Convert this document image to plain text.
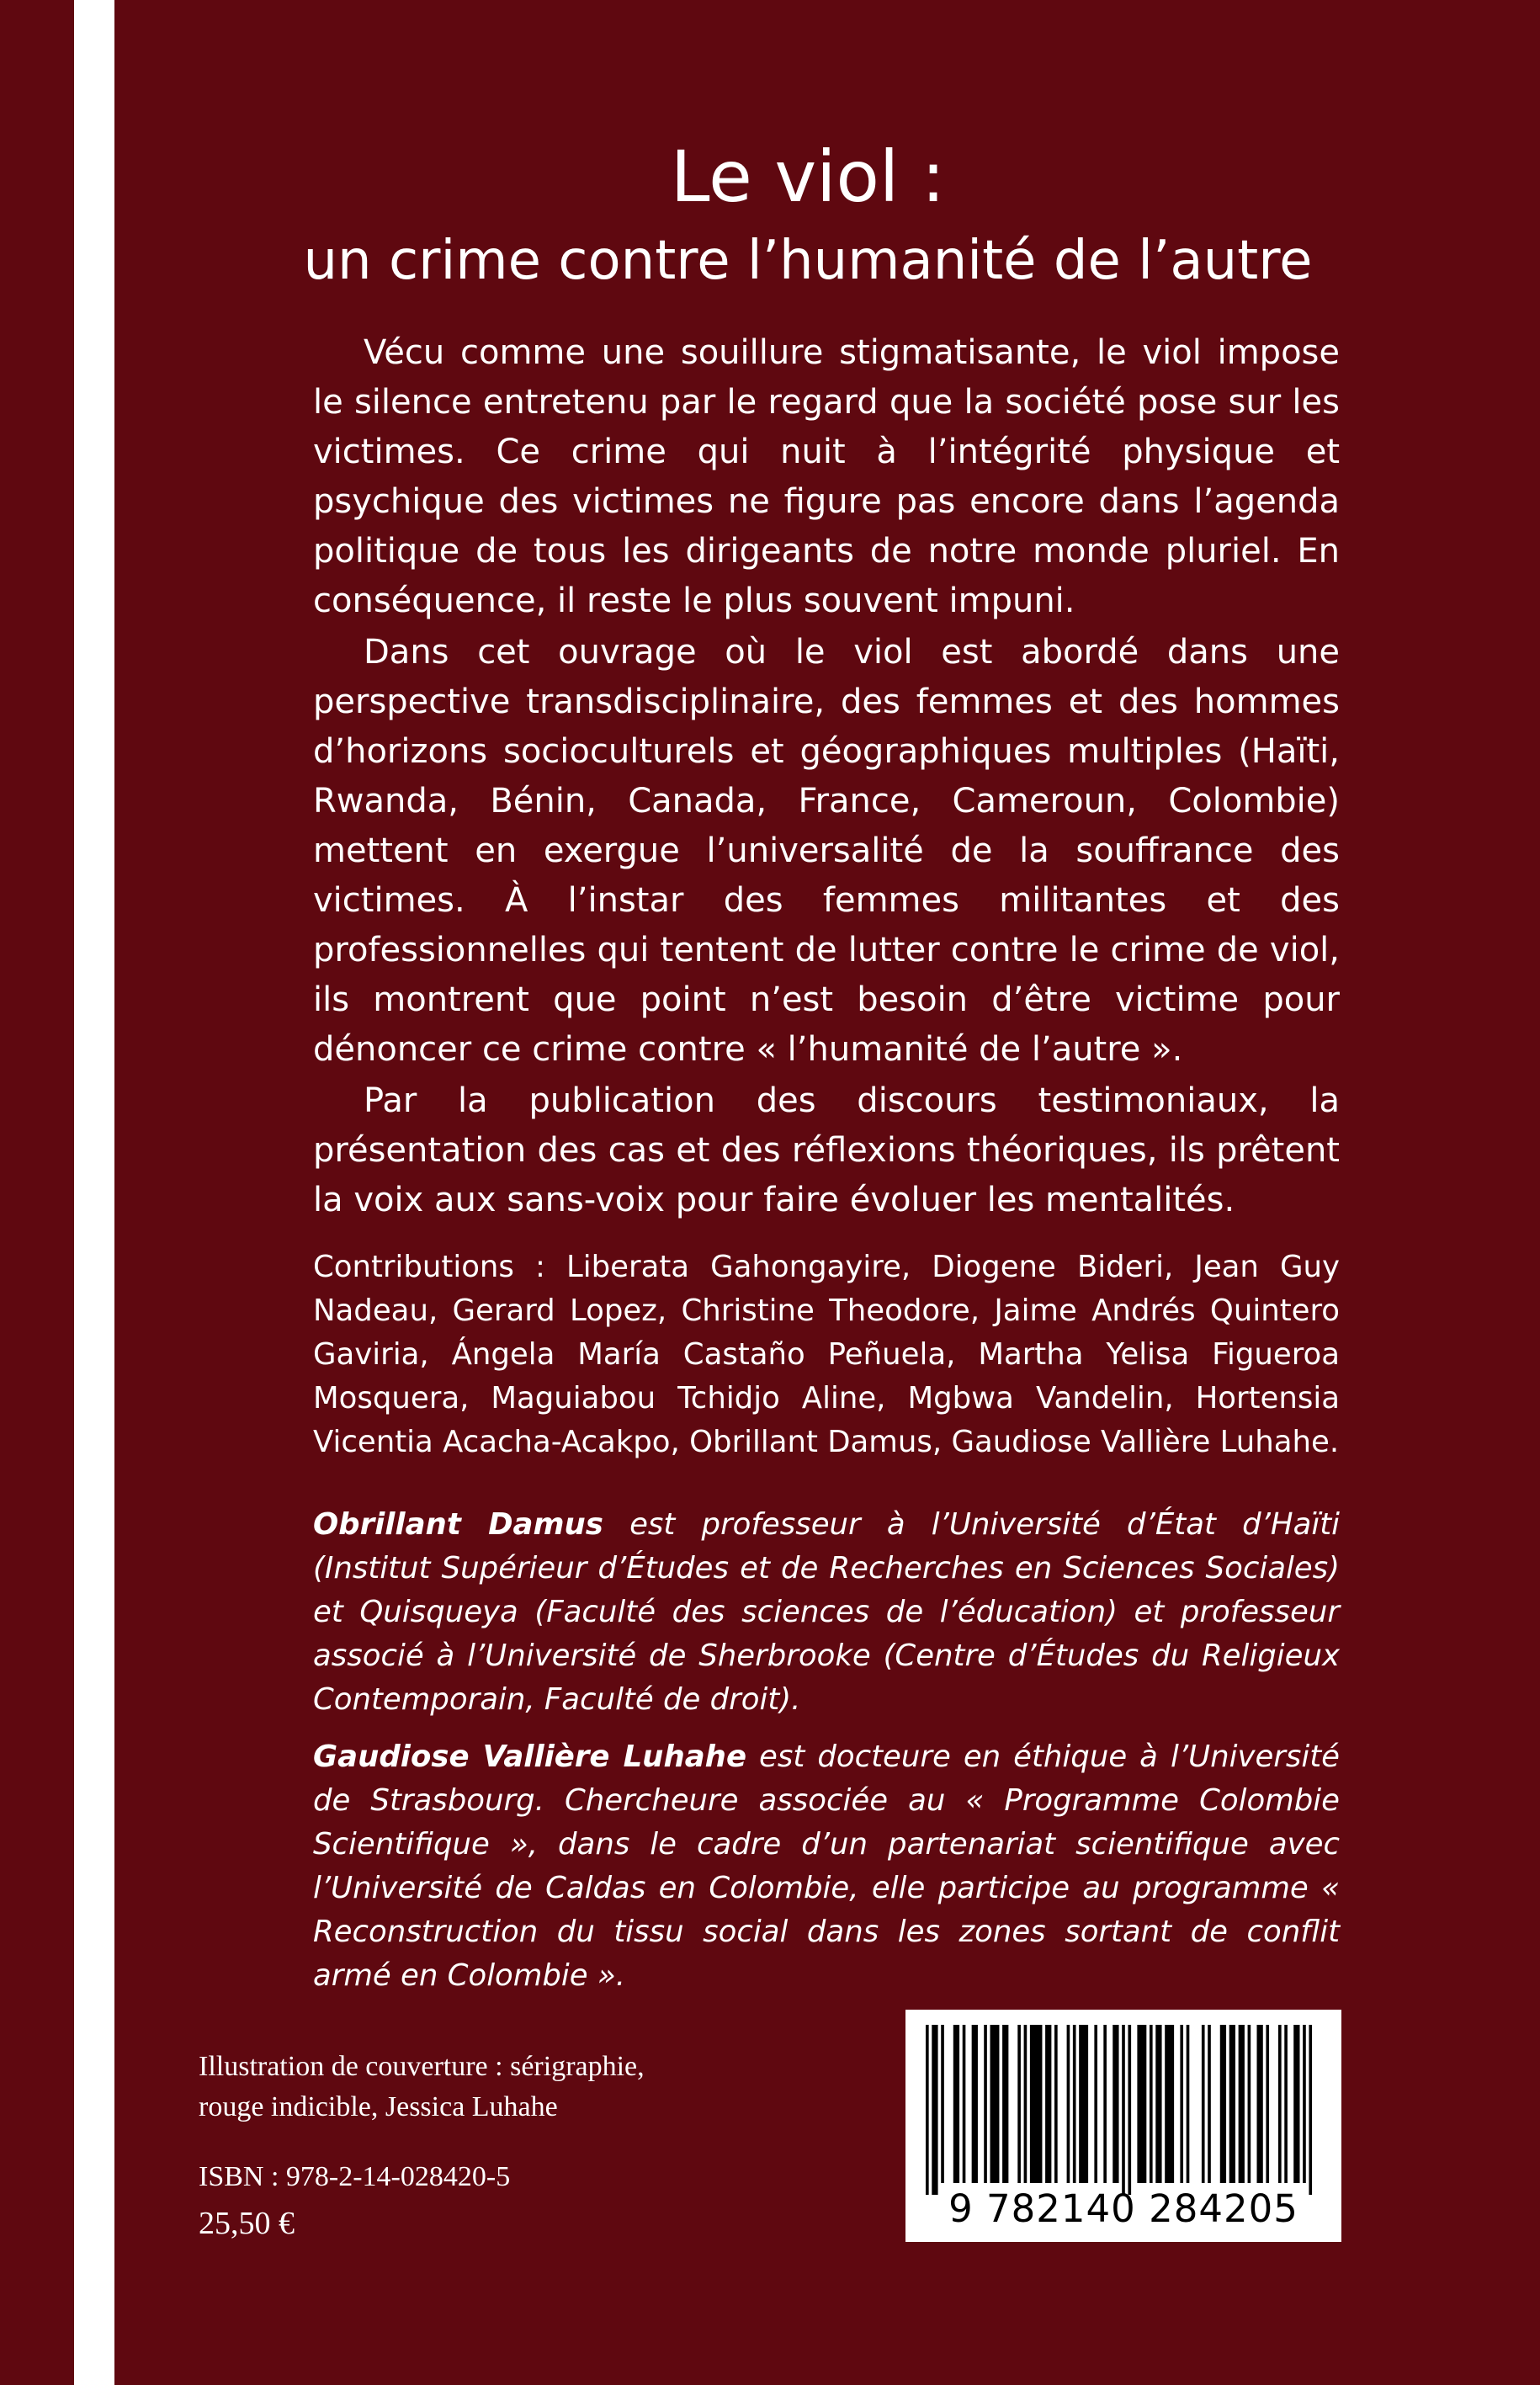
Le viol :
un crime contre l’humanité de l’autre

Vécu comme une souillure stigmatisante, le viol impose le silence entretenu par le regard que la société pose sur les victimes. Ce crime qui nuit à l’intégrité physique et psychique des victimes ne figure pas encore dans l’agenda politique de tous les dirigeants de notre monde pluriel. En conséquence, il reste le plus souvent impuni.

Dans cet ouvrage où le viol est abordé dans une perspective transdisciplinaire, des femmes et des hommes d’horizons socioculturels et géographiques multiples (Haïti, Rwanda, Bénin, Canada, France, Cameroun, Colombie) mettent en exergue l’universalité de la souffrance des victimes. À l’instar des femmes militantes et des professionnelles qui tentent de lutter contre le crime de viol, ils montrent que point n’est besoin d’être victime pour dénoncer ce crime contre « l’humanité de l’autre ».

Par la publication des discours testimoniaux, la présentation des cas et des réflexions théoriques, ils prêtent la voix aux sans-voix pour faire évoluer les mentalités.

Contributions : Liberata Gahongayire, Diogene Bideri, Jean Guy Nadeau, Gerard Lopez, Christine Theodore, Jaime Andrés Quintero Gaviria, Ángela María Castaño Peñuela, Martha Yelisa Figueroa Mosquera, Maguiabou Tchidjo Aline, Mgbwa Vandelin, Hortensia Vicentia Acacha-Acakpo, Obrillant Damus, Gaudiose Vallière Luhahe.

Obrillant Damus est professeur à l’Université d’État d’Haïti (Institut Supérieur d’Études et de Recherches en Sciences Sociales) et Quisqueya (Faculté des sciences de l’éducation) et professeur associé à l’Université de Sherbrooke (Centre d’Études du Religieux Contemporain, Faculté de droit).

Gaudiose Vallière Luhahe est docteure en éthique à l’Université de Strasbourg. Chercheure associée au « Programme Colombie Scientifique », dans le cadre d’un partenariat scientifique avec l’Université de Caldas en Colombie, elle participe au programme « Reconstruction du tissu social dans les zones sortant de conflit armé en Colombie ».

Illustration de couverture : sérigraphie,

rouge indicible, Jessica Luhahe

ISBN : 978-2-14-028420-5

25,50 €	9 782140 284205
